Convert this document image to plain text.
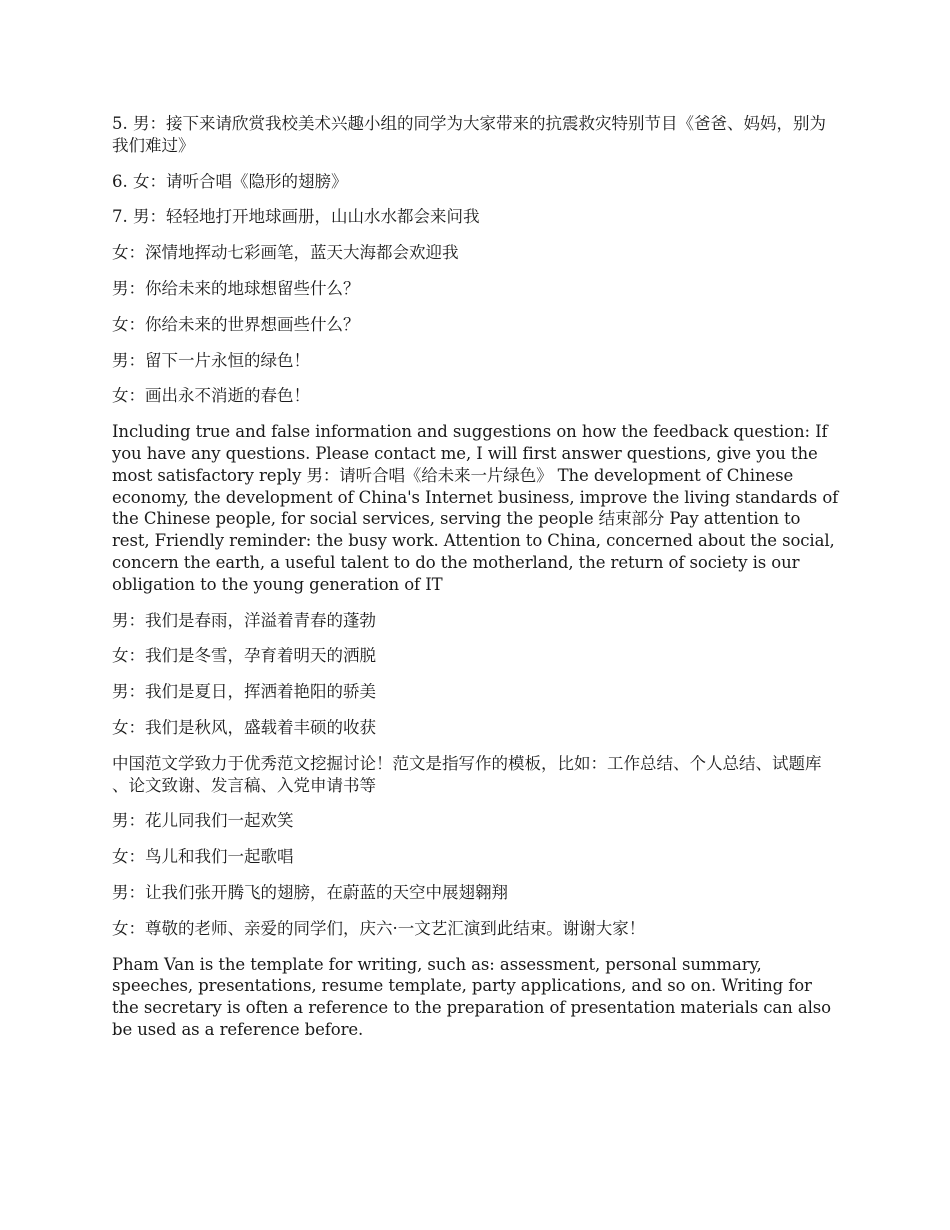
5. 男：接下来请欣赏我校美术兴趣小组的同学为大家带来的抗震救灾特别节目《爸爸、妈妈，别为我们难过》

6. 女：请听合唱《隐形的翅膀》

7. 男：轻轻地打开地球画册，山山水水都会来问我

女：深情地挥动七彩画笔，蓝天大海都会欢迎我

男：你给未来的地球想留些什么？

女：你给未来的世界想画些什么？

男：留下一片永恒的绿色！

女：画出永不消逝的春色！

Including true and false information and suggestions on how the feedback question: If you have any questions. Please contact me, I will first answer questions, give you the most satisfactory reply 男：请听合唱《给未来一片绿色》 The development of Chinese economy, the development of China's Internet business, improve the living standards of the Chinese people, for social services, serving the people 结束部分 Pay attention to rest, Friendly reminder: the busy work. Attention to China, concerned about the social, concern the earth, a useful talent to do the motherland, the return of society is our obligation to the young generation of IT

男：我们是春雨，洋溢着青春的蓬勃

女：我们是冬雪，孕育着明天的洒脱

男：我们是夏日，挥洒着艳阳的骄美

女：我们是秋风，盛载着丰硕的收获

中国范文学致力于优秀范文挖掘讨论！范文是指写作的模板，比如：工作总结、个人总结、试题库 、论文致谢、发言稿、入党申请书等

男：花儿同我们一起欢笑

女：鸟儿和我们一起歌唱

男：让我们张开腾飞的翅膀，在蔚蓝的天空中展翅翱翔

女：尊敬的老师、亲爱的同学们，庆六·一文艺汇演到此结束。谢谢大家！

Pham Van is the template for writing, such as: assessment, personal summary, speeches, presentations, resume template, party applications, and so on. Writing for the secretary is often a reference to the preparation of presentation materials can also be used as a reference before.
